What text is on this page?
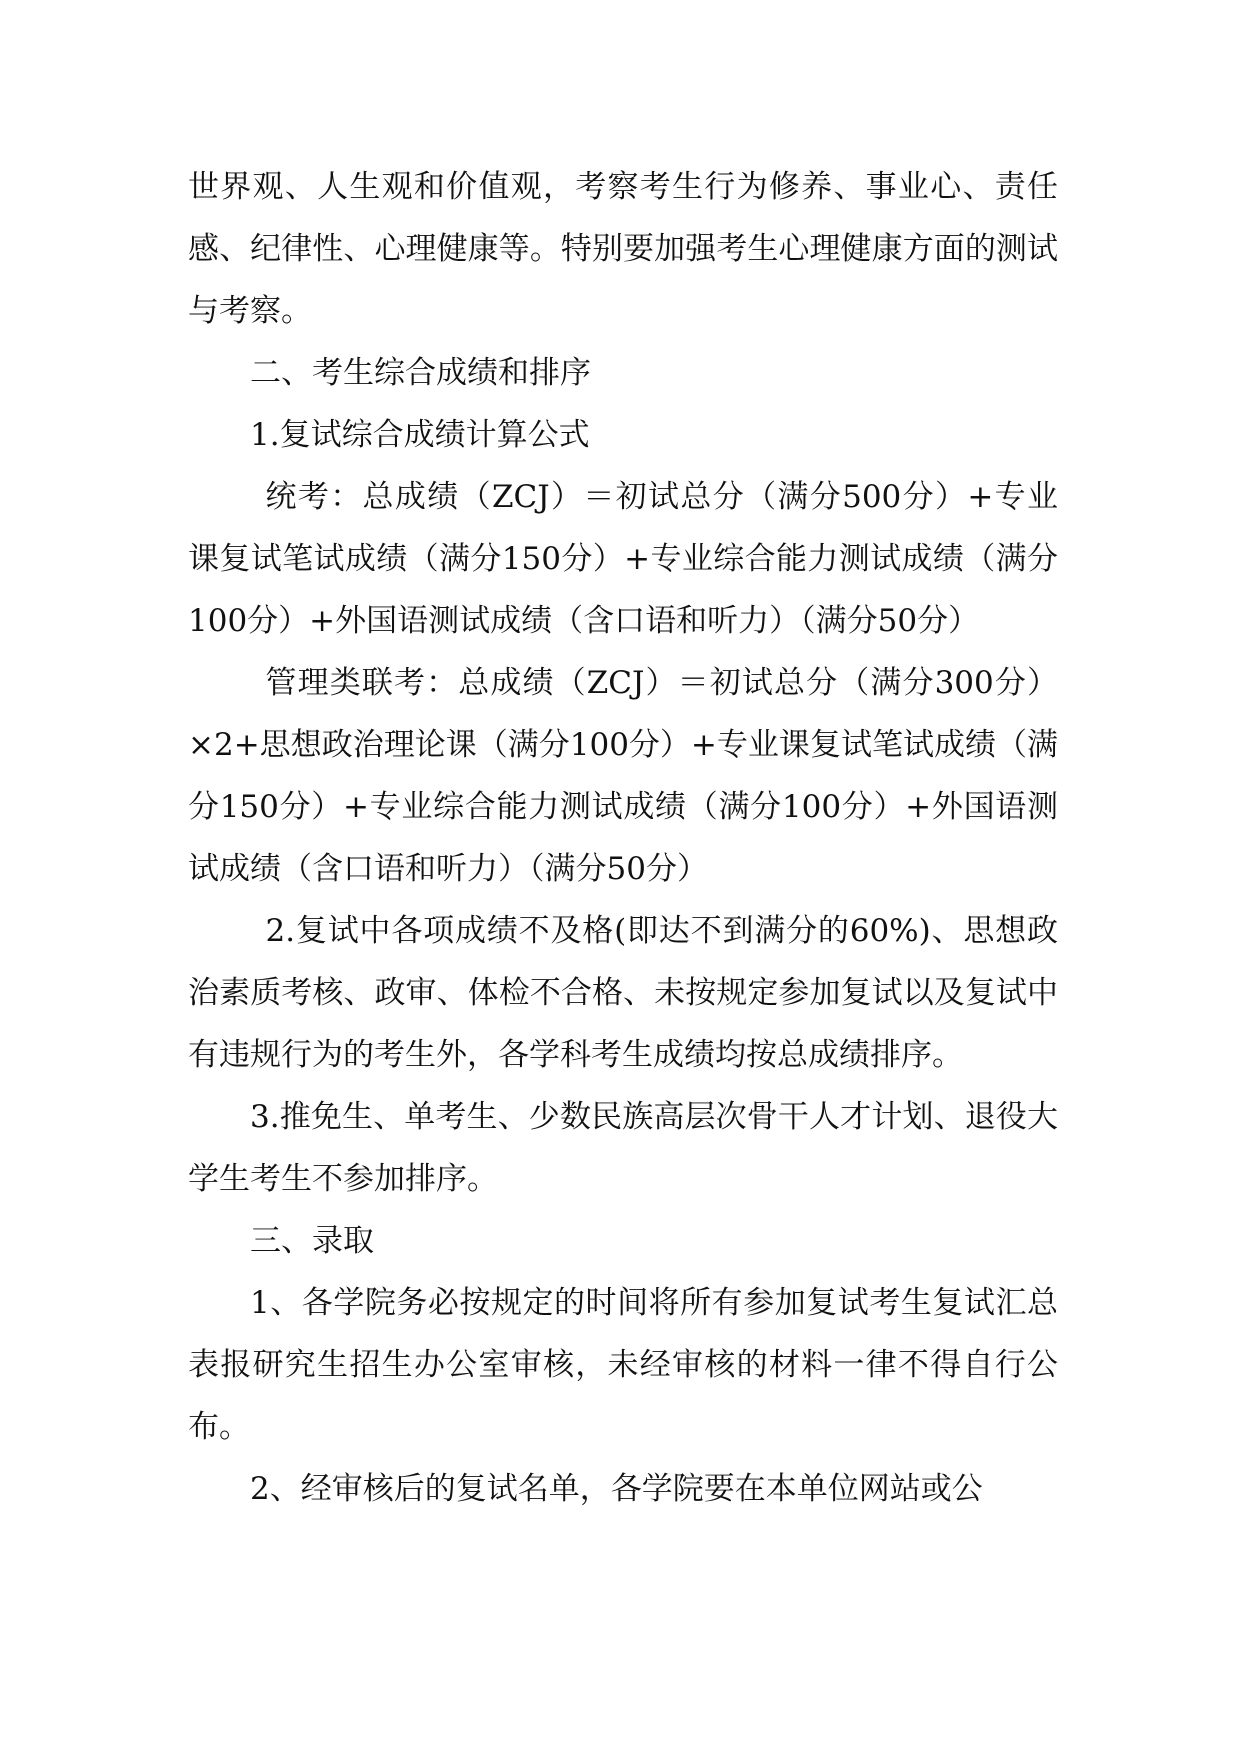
世界观、人生观和价值观，考察考生行为修养、事业心、责任感、纪律性、心理健康等。特别要加强考生心理健康方面的测试与考察。

二、考生综合成绩和排序

1.复试综合成绩计算公式

统考：总成绩（ZCJ）＝初试总分（满分500分）+专业课复试笔试成绩（满分150分）+专业综合能力测试成绩（满分100分）+外国语测试成绩（含口语和听力）（满分50分）

管理类联考：总成绩（ZCJ）＝初试总分（满分300分）×2+思想政治理论课（满分100分）+专业课复试笔试成绩（满分150分）+专业综合能力测试成绩（满分100分）+外国语测试成绩（含口语和听力）（满分50分）

2.复试中各项成绩不及格(即达不到满分的60%)、思想政治素质考核、政审、体检不合格、未按规定参加复试以及复试中有违规行为的考生外，各学科考生成绩均按总成绩排序。

3.推免生、单考生、少数民族高层次骨干人才计划、退役大学生考生不参加排序。

三、录取

1、各学院务必按规定的时间将所有参加复试考生复试汇总表报研究生招生办公室审核，未经审核的材料一律不得自行公布。

2、经审核后的复试名单，各学院要在本单位网站或公
